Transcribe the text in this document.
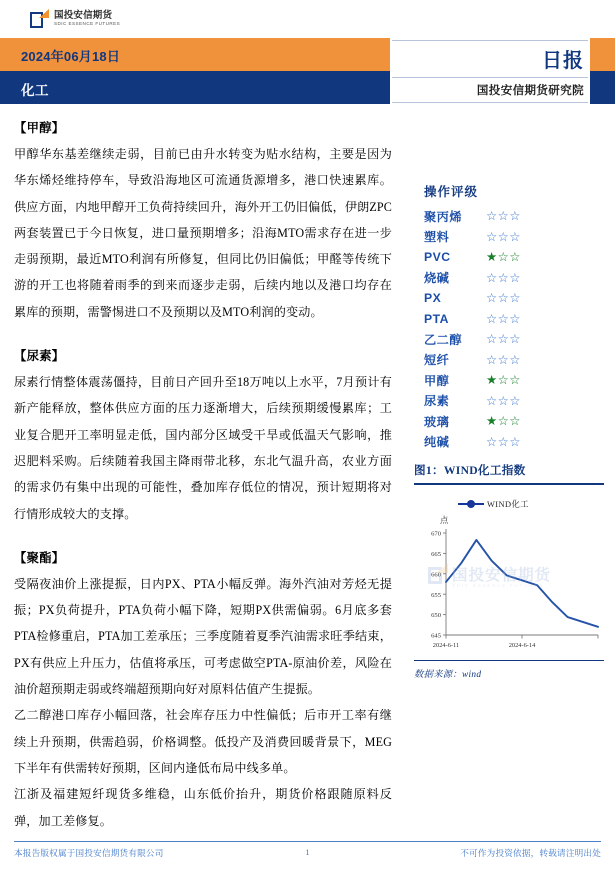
国投安信期货
SDIC ESSENCE FUTURES
2024年06月18日
化工
日报
国投安信期货研究院

【甲醇】

甲醇华东基差继续走弱，目前已由升水转变为贴水结构，主要是因为华东烯烃维持停车，导致沿海地区可流通货源增多，港口快速累库。供应方面，内地甲醇开工负荷持续回升，海外开工仍旧偏低，伊朗ZPC两套装置已于今日恢复，进口量预期增多；沿海MTO需求存在进一步走弱预期，最近MTO利润有所修复，但同比仍旧偏低；甲醛等传统下游的开工也将随着雨季的到来而逐步走弱，后续内地以及港口均存在累库的预期，需警惕进口不及预期以及MTO利润的变动。

【尿素】

尿素行情整体震荡僵持，目前日产回升至18万吨以上水平，7月预计有新产能释放，整体供应方面的压力逐渐增大，后续预期缓慢累库；工业复合肥开工率明显走低，国内部分区域受干旱或低温天气影响，推迟肥料采购。后续随着我国主降雨带北移，东北气温升高，农业方面的需求仍有集中出现的可能性，叠加库存低位的情况，预计短期将对行情形成较大的支撑。

【聚酯】

受隔夜油价上涨提振，日内PX、PTA小幅反弹。海外汽油对芳烃无提振；PX负荷提升，PTA负荷小幅下降，短期PX供需偏弱。6月底多套PTA检修重启，PTA加工差承压；三季度随着夏季汽油需求旺季结束，PX有供应上升压力，估值将承压，可考虑做空PTA-原油价差，风险在油价超预期走弱或终端超预期向好对原料估值产生提振。

乙二醇港口库存小幅回落，社会库存压力中性偏低；后市开工率有继续上升预期，供需趋弱，价格调整。低投产及消费回暖背景下，MEG下半年有供需转好预期，区间内逢低布局中线多单。

江浙及福建短纤现货多维稳，山东低价抬升，期货价格跟随原料反弹，加工差修复。

操作评级
聚丙烯	☆☆☆
塑料	☆☆☆
PVC	★☆☆
烧碱	☆☆☆
PX	☆☆☆
PTA	☆☆☆
乙二醇	☆☆☆
短纤	☆☆☆
甲醇	★☆☆
尿素	☆☆☆
玻璃	★☆☆
纯碱	☆☆☆
图1：WIND化工指数
WIND化工
点
645
650
655
660
665
670
2024-6-11	2024-6-14
国投安信期货
SDIC ESSENCE FUTURES
数据来源：wind
本报告版权属于国投安信期货有限公司	1	不可作为投资依据，转载请注明出处
